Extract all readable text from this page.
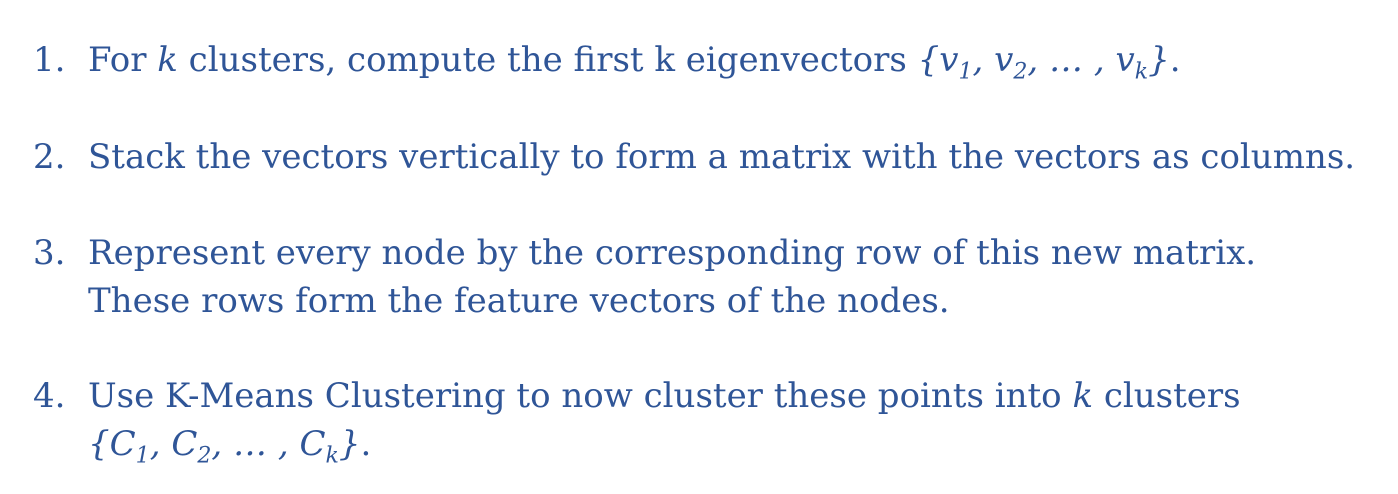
1. For k clusters, compute the first k eigenvectors {$v_1$, $v_2$, … , $v_k$}.
2. Stack the vectors vertically to form a matrix with the vectors as columns.
3. Represent every node by the corresponding row of this new matrix.
These rows form the feature vectors of the nodes.
4. Use K-Means Clustering to now cluster these points into k clusters
{$C_1$, $C_2$, … , $C_k$}.
